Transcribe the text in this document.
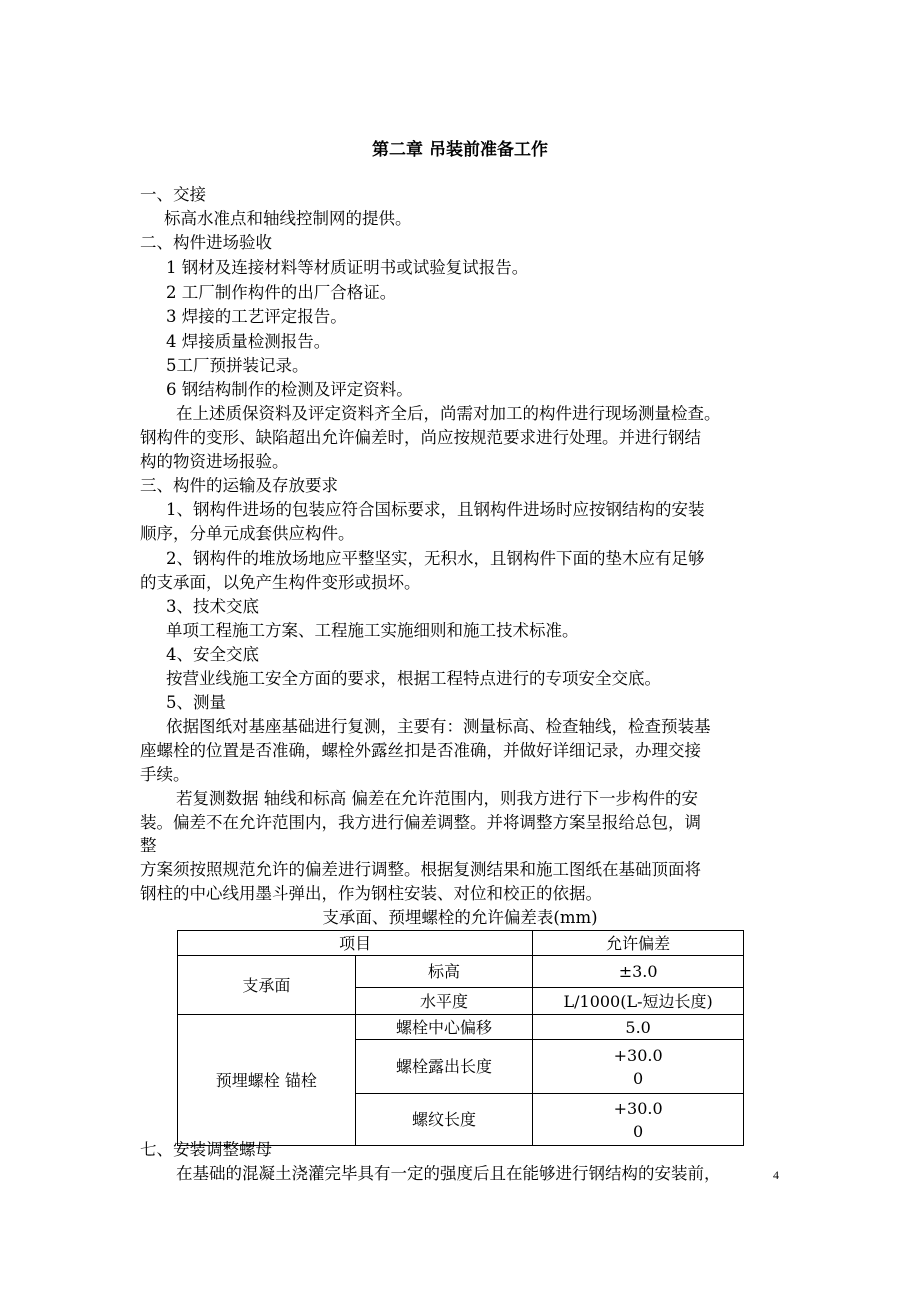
第二章 吊装前准备工作
一、交接
标高水准点和轴线控制网的提供。
二、构件进场验收
1 钢材及连接材料等材质证明书或试验复试报告。
2 工厂制作构件的出厂合格证。
3 焊接的工艺评定报告。
4 焊接质量检测报告。
5工厂预拼装记录。
6 钢结构制作的检测及评定资料。
在上述质保资料及评定资料齐全后，尚需对加工的构件进行现场测量检查。
钢构件的变形、缺陷超出允许偏差时，尚应按规范要求进行处理。并进行钢结
构的物资进场报验。
三、构件的运输及存放要求
1、钢构件进场的包装应符合国标要求，且钢构件进场时应按钢结构的安装
顺序，分单元成套供应构件。
2、钢构件的堆放场地应平整坚实，无积水，且钢构件下面的垫木应有足够
的支承面，以免产生构件变形或损坏。
3、技术交底
单项工程施工方案、工程施工实施细则和施工技术标准。
4、安全交底
按营业线施工安全方面的要求，根据工程特点进行的专项安全交底。
5、测量
依据图纸对基座基础进行复测，主要有：测量标高、检查轴线，检查预装基
座螺栓的位置是否准确，螺栓外露丝扣是否准确，并做好详细记录，办理交接
手续。
若复测数据 轴线和标高 偏差在允许范围内，则我方进行下一步构件的安
装。偏差不在允许范围内，我方进行偏差调整。并将调整方案呈报给总包，调
整
方案须按照规范允许的偏差进行调整。根据复测结果和施工图纸在基础顶面将
钢柱的中心线用墨斗弹出，作为钢柱安装、对位和校正的依据。
支承面、预埋螺栓的允许偏差表(mm)
项目		允许偏差
支承面	标高	±3.0
	水平度	L/1000(L-短边长度)
预埋螺栓 锚栓	螺栓中心偏移	5.0
	螺栓露出长度	+30.0
0

	螺纹长度	+30.0
0
七、安装调整螺母
在基础的混凝土浇灌完毕具有一定的强度后且在能够进行钢结构的安装前，	4
